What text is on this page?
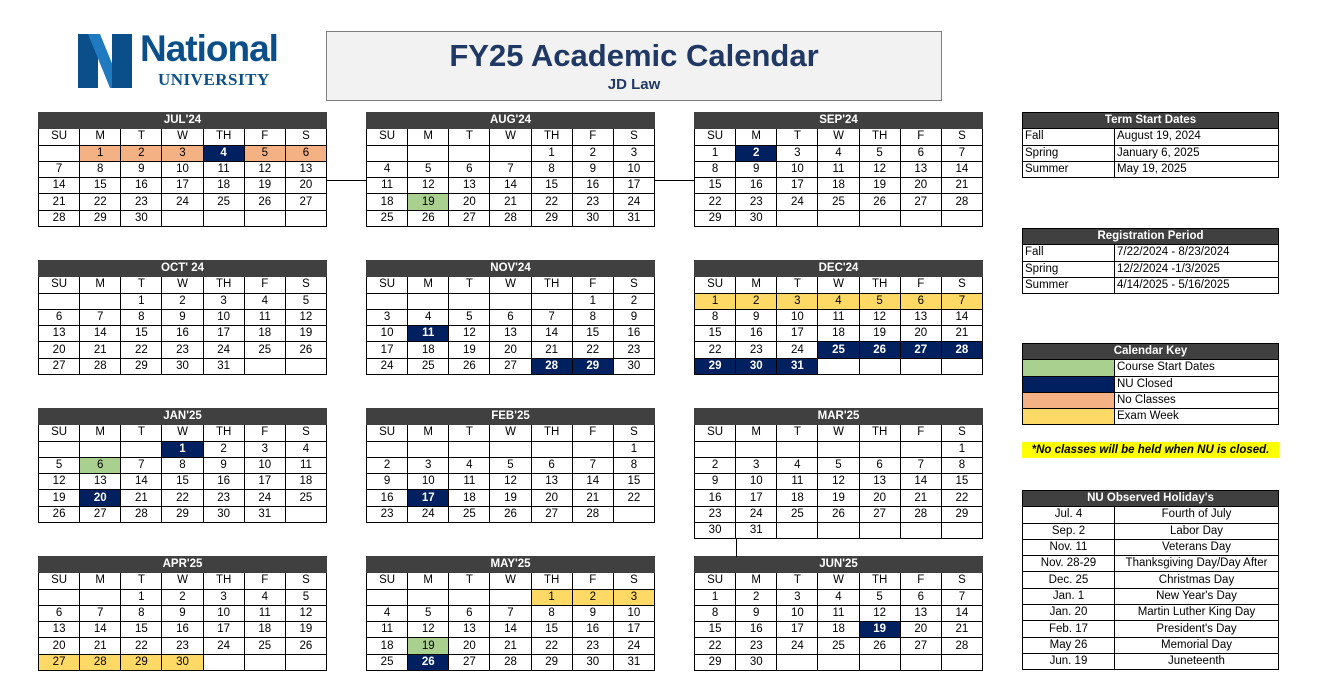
National
UNIVERSITY
FY25 Academic Calendar
JD Law
JUL'24						
SU	M	T	W	TH	F	S
	1	2	3	4	5	6
7	8	9	10	11	12	13
14	15	16	17	18	19	20
21	22	23	24	25	26	27
28	29	30				
AUG'24						
SU	M	T	W	TH	F	S
				1	2	3
4	5	6	7	8	9	10
11	12	13	14	15	16	17
18	19	20	21	22	23	24
25	26	27	28	29	30	31
SEP'24						
SU	M	T	W	TH	F	S
1	2	3	4	5	6	7
8	9	10	11	12	13	14
15	16	17	18	19	20	21
22	23	24	25	26	27	28
29	30					
OCT' 24						
SU	M	T	W	TH	F	S
		1	2	3	4	5
6	7	8	9	10	11	12
13	14	15	16	17	18	19
20	21	22	23	24	25	26
27	28	29	30	31		
NOV'24						
SU	M	T	W	TH	F	S
					1	2
3	4	5	6	7	8	9
10	11	12	13	14	15	16
17	18	19	20	21	22	23
24	25	26	27	28	29	30
DEC'24						
SU	M	T	W	TH	F	S
1	2	3	4	5	6	7
8	9	10	11	12	13	14
15	16	17	18	19	20	21
22	23	24	25	26	27	28
29	30	31				
JAN'25						
SU	M	T	W	TH	F	S
			1	2	3	4
5	6	7	8	9	10	11
12	13	14	15	16	17	18
19	20	21	22	23	24	25
26	27	28	29	30	31	
FEB'25						
SU	M	T	W	TH	F	S
						1
2	3	4	5	6	7	8
9	10	11	12	13	14	15
16	17	18	19	20	21	22
23	24	25	26	27	28	
MAR'25						
SU	M	T	W	TH	F	S
						1
2	3	4	5	6	7	8
9	10	11	12	13	14	15
16	17	18	19	20	21	22
23	24	25	26	27	28	29
30	31					
APR'25						
SU	M	T	W	TH	F	S
		1	2	3	4	5
6	7	8	9	10	11	12
13	14	15	16	17	18	19
20	21	22	23	24	25	26
27	28	29	30			
MAY'25						
SU	M	T	W	TH	F	S
				1	2	3
4	5	6	7	8	9	10
11	12	13	14	15	16	17
18	19	20	21	22	23	24
25	26	27	28	29	30	31
JUN'25						
SU	M	T	W	TH	F	S
1	2	3	4	5	6	7
8	9	10	11	12	13	14
15	16	17	18	19	20	21
22	23	24	25	26	27	28
29	30					
Term Start Dates	
Fall	August 19, 2024
Spring	January 6, 2025
Summer	May 19, 2025
Registration Period	
Fall	7/22/2024 - 8/23/2024
Spring	12/2/2024 -1/3/2025
Summer	4/14/2025 - 5/16/2025
Calendar Key	
	Course Start Dates
	NU Closed
	No Classes
	Exam Week
*No classes will be held when NU is closed.
NU Observed Holiday's	
Jul. 4	Fourth of July
Sep. 2	Labor Day
Nov. 11	Veterans Day
Nov. 28-29	Thanksgiving Day/Day After
Dec. 25	Christmas Day
Jan. 1	New Year's Day
Jan. 20	Martin Luther King Day
Feb. 17	President's Day
May 26	Memorial Day
Jun. 19	Juneteenth
